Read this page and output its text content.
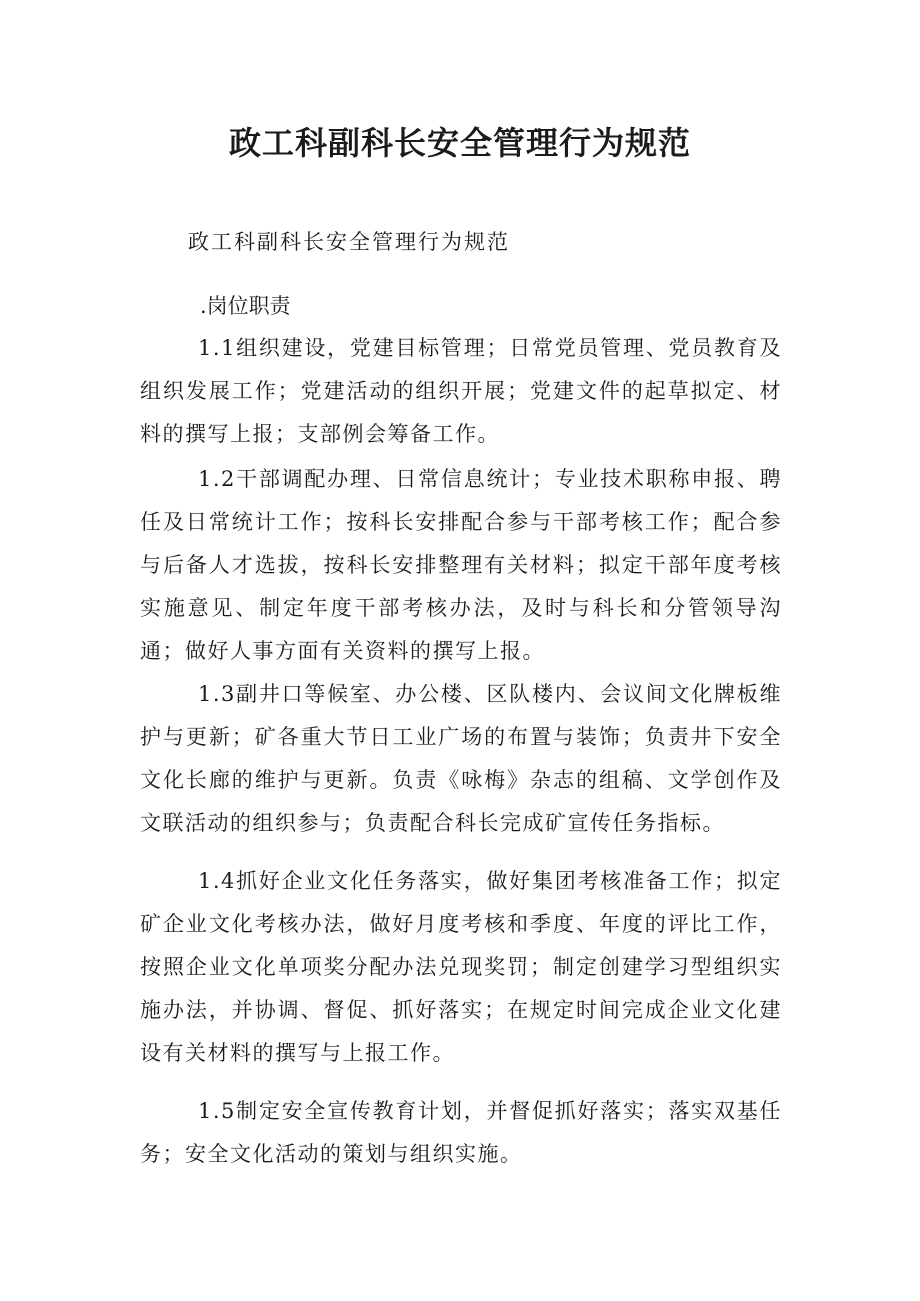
政工科副科长安全管理行为规范

政工科副科长安全管理行为规范

.岗位职责

1.1组织建设，党建目标管理；日常党员管理、党员教育及组织发展工作；党建活动的组织开展；党建文件的起草拟定、材料的撰写上报；支部例会筹备工作。

1.2干部调配办理、日常信息统计；专业技术职称申报、聘任及日常统计工作；按科长安排配合参与干部考核工作；配合参与后备人才选拔，按科长安排整理有关材料；拟定干部年度考核实施意见、制定年度干部考核办法，及时与科长和分管领导沟通；做好人事方面有关资料的撰写上报。

1.3副井口等候室、办公楼、区队楼内、会议间文化牌板维护与更新；矿各重大节日工业广场的布置与装饰；负责井下安全文化长廊的维护与更新。负责《咏梅》杂志的组稿、文学创作及文联活动的组织参与；负责配合科长完成矿宣传任务指标。

1.4抓好企业文化任务落实，做好集团考核准备工作；拟定矿企业文化考核办法，做好月度考核和季度、年度的评比工作，按照企业文化单项奖分配办法兑现奖罚；制定创建学习型组织实施办法，并协调、督促、抓好落实；在规定时间完成企业文化建设有关材料的撰写与上报工作。

1.5制定安全宣传教育计划，并督促抓好落实；落实双基任务；安全文化活动的策划与组织实施。
